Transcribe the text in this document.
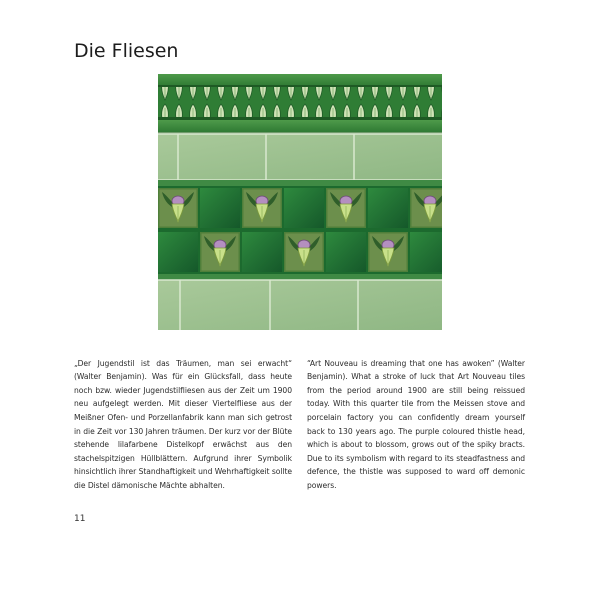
Die Fliesen

„Der Jugendstil ist das Träumen, man sei erwacht“ (Walter Benjamin). Was für ein Glücksfall, dass heute noch bzw. wieder Jugendstilfliesen aus der Zeit um 1900 neu aufgelegt werden. Mit dieser Viertelfliese aus der Meißner Ofen- und Porzellanfabrik kann man sich getrost in die Zeit vor 130 Jahren träumen. Der kurz vor der Blüte stehende lilafarbene Distelkopf erwächst aus den stachelspitzigen Hüllblättern. Aufgrund ihrer Symbolik hinsichtlich ihrer Standhaftigkeit und Wehrhaftigkeit sollte die Distel dämonische Mächte abhalten.

“Art Nouveau is dreaming that one has awoken” (Walter Benjamin). What a stroke of luck that Art Nouveau tiles from the period around 1900 are still being reissued today. With this quarter tile from the Meissen stove and porcelain factory you can confidently dream yourself back to 130 years ago. The purple coloured thistle head, which is about to blossom, grows out of the spiky bracts. Due to its symbolism with regard to its steadfastness and defence, the thistle was supposed to ward off demonic powers.

11
